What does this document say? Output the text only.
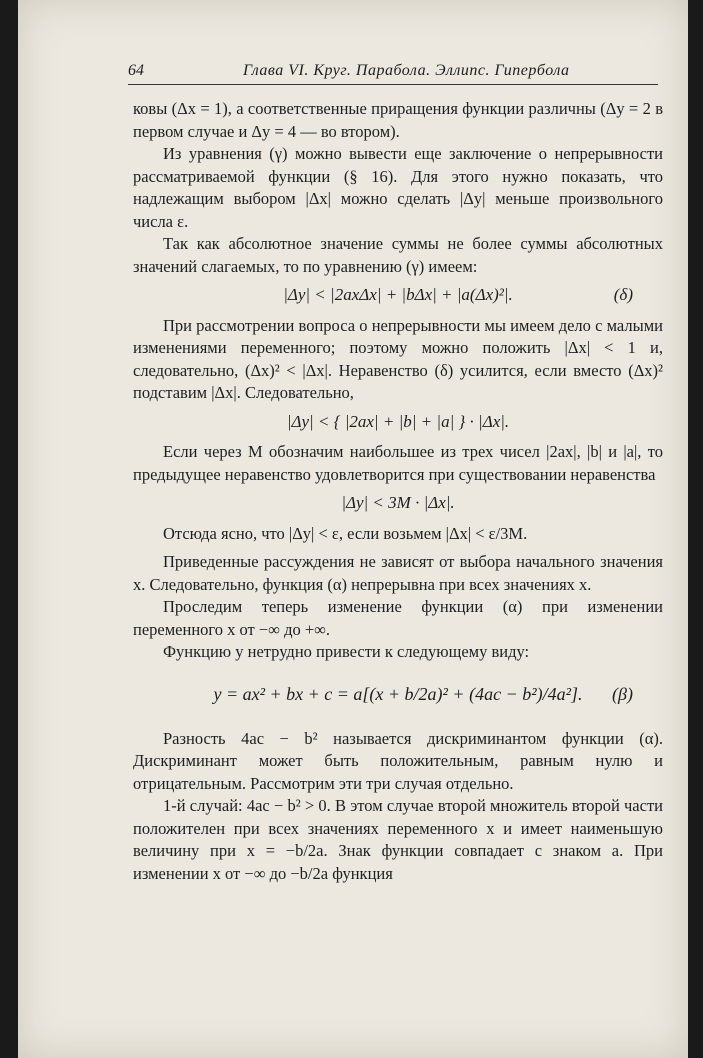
64	Глава VI. Круг. Парабола. Эллипс. Гипербола

ковы (Δx = 1), а соответственные приращения функции различны (Δy = 2 в первом случае и Δy = 4 — во втором).

Из уравнения (γ) можно вывести еще заключение о непрерывности рассматриваемой функции (§ 16). Для этого нужно показать, что надлежащим выбором |Δx| можно сделать |Δy| меньше произвольного числа ε.

Так как абсолютное значение суммы не более суммы абсолютных значений слагаемых, то по уравнению (γ) имеем:

|Δy| < |2axΔx| + |bΔx| + |a(Δx)²|.	(δ)

При рассмотрении вопроса о непрерывности мы имеем дело с малыми изменениями переменного; поэтому можно положить |Δx| < 1 и, следовательно, (Δx)² < |Δx|. Неравенство (δ) усилится, если вместо (Δx)² подставим |Δx|. Следовательно,

|Δy| < { |2ax| + |b| + |a| } · |Δx|.

Если через M обозначим наибольшее из трех чисел |2ax|, |b| и |a|, то предыдущее неравенство удовлетворится при существовании неравенства

|Δy| < 3M · |Δx|.

Отсюда ясно, что |Δy| < ε, если возьмем |Δx| < ε/3M.

Приведенные рассуждения не зависят от выбора начального значения x. Следовательно, функция (α) непрерывна при всех значениях x.

Проследим теперь изменение функции (α) при изменении переменного x от −∞ до +∞.

Функцию y нетрудно привести к следующему виду:

y = ax² + bx + c = a[(x + b/2a)² + (4ac − b²)/4a²]. (β)

Разность 4ac − b² называется дискриминантом функции (α). Дискриминант может быть положительным, равным нулю и отрицательным. Рассмотрим эти три случая отдельно.

1-й случай: 4ac − b² > 0. В этом случае второй множитель второй части положителен при всех значениях переменного x и имеет наименьшую величину при x = −b/2a. Знак функции совпадает с знаком a. При изменении x от −∞ до −b/2a функция
